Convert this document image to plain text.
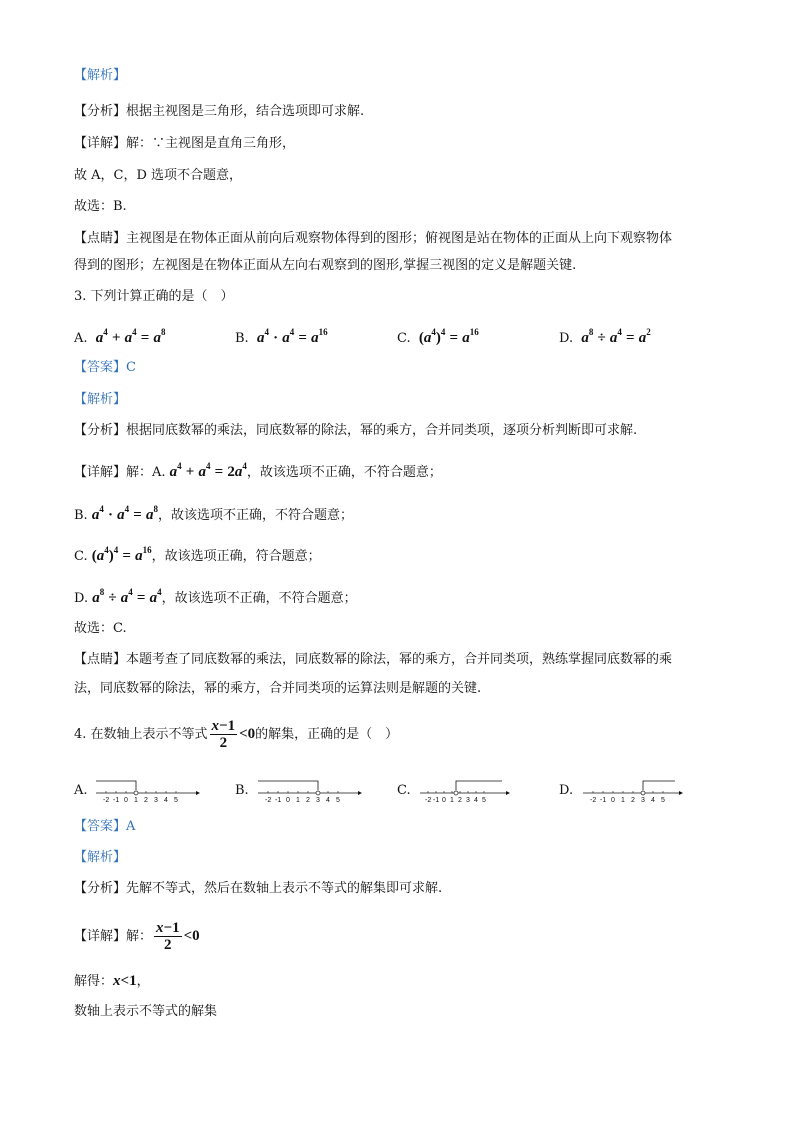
【解析】
【分析】根据主视图是三角形，结合选项即可求解.
【详解】解：∵主视图是直角三角形，
故 A，C，D 选项不合题意，
故选：B.
【点睛】主视图是在物体正面从前向后观察物体得到的图形；俯视图是站在物体的正面从上向下观察物体
得到的图形；左视图是在物体正面从左向右观察到的图形,掌握三视图的定义是解题关键.
3. 下列计算正确的是（　）
A. $a^4 + a^4 = a^8$	B. $a^4 \cdot a^4 = a^{16}$	C. $(a^4)^4 = a^{16}$	D. $a^8 \div a^4 = a^2$
【答案】C
【解析】
【分析】根据同底数幂的乘法，同底数幂的除法，幂的乘方，合并同类项，逐项分析判断即可求解.
【详解】解：A. $a^4 + a^4 = 2a^4$，故该选项不正确，不符合题意；
B. $a^4 \cdot a^4 = a^8$，故该选项不正确，不符合题意；
C. $(a^4)^4 = a^{16}$，故该选项正确，符合题意；
D. $a^8 \div a^4 = a^4$，故该选项不正确，不符合题意；
故选：C.
【点睛】本题考查了同底数幂的乘法，同底数幂的除法，幂的乘方，合并同类项，熟练掌握同底数幂的乘
法，同底数幂的除法，幂的乘方，合并同类项的运算法则是解题的关键.
4. 在数轴上表示不等式 $\frac{x-1}{2} <0$的解集，正确的是（　）
A.	B.	C.	D.
-2 -1 0 1 2 3 4 5	-2 -1 0 1 2 3 4 5	-2 -1 0 1 2 3 4 5	-2 -1 0 1 2 3 4 5
【答案】A
【解析】
【分析】先解不等式，然后在数轴上表示不等式的解集即可求解.
【详解】解： $\frac{x-1}{2} <0$
解得：x<1，
数轴上表示不等式的解集
